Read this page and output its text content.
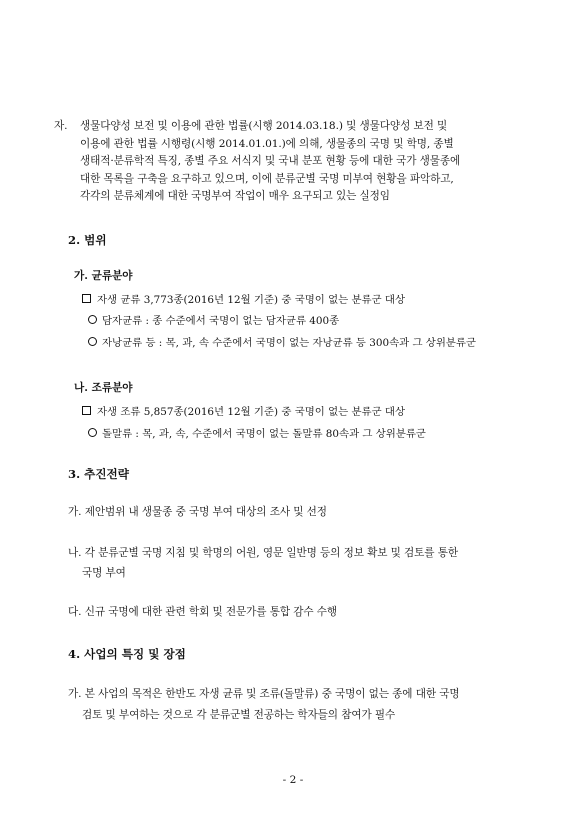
자. 생물다양성 보전 및 이용에 관한 법률(시행 2014.03.18.) 및 생물다양성 보전 및
이용에 관한 법률 시행령(시행 2014.01.01.)에 의해, 생물종의 국명 및 학명, 종별
생태적·분류학적 특징, 종별 주요 서식지 및 국내 분포 현황 등에 대한 국가 생물종에
대한 목록을 구축을 요구하고 있으며, 이에 분류군별 국명 미부여 현황을 파악하고,
각각의 분류체계에 대한 국명부여 작업이 매우 요구되고 있는 실정임
2. 범위
가. 균류분야
자생 균류 3,773종(2016년 12월 기준) 중 국명이 없는 분류군 대상
담자균류 : 종 수준에서 국명이 없는 담자균류 400종
자낭균류 등 : 목, 과, 속 수준에서 국명이 없는 자낭균류 등 300속과 그 상위분류군
나. 조류분야
자생 조류 5,857종(2016년 12월 기준) 중 국명이 없는 분류군 대상
돌말류 : 목, 과, 속, 수준에서 국명이 없는 돌말류 80속과 그 상위분류군
3. 추진전략
가. 제안범위 내 생물종 중 국명 부여 대상의 조사 및 선정
나. 각 분류군별 국명 지침 및 학명의 어원, 영문 일반명 등의 정보 확보 및 검토를 통한
국명 부여
다. 신규 국명에 대한 관련 학회 및 전문가를 통합 감수 수행
4. 사업의 특징 및 장점
가. 본 사업의 목적은 한반도 자생 균류 및 조류(돌말류) 중 국명이 없는 종에 대한 국명
검토 및 부여하는 것으로 각 분류군별 전공하는 학자들의 참여가 필수
- 2 -
